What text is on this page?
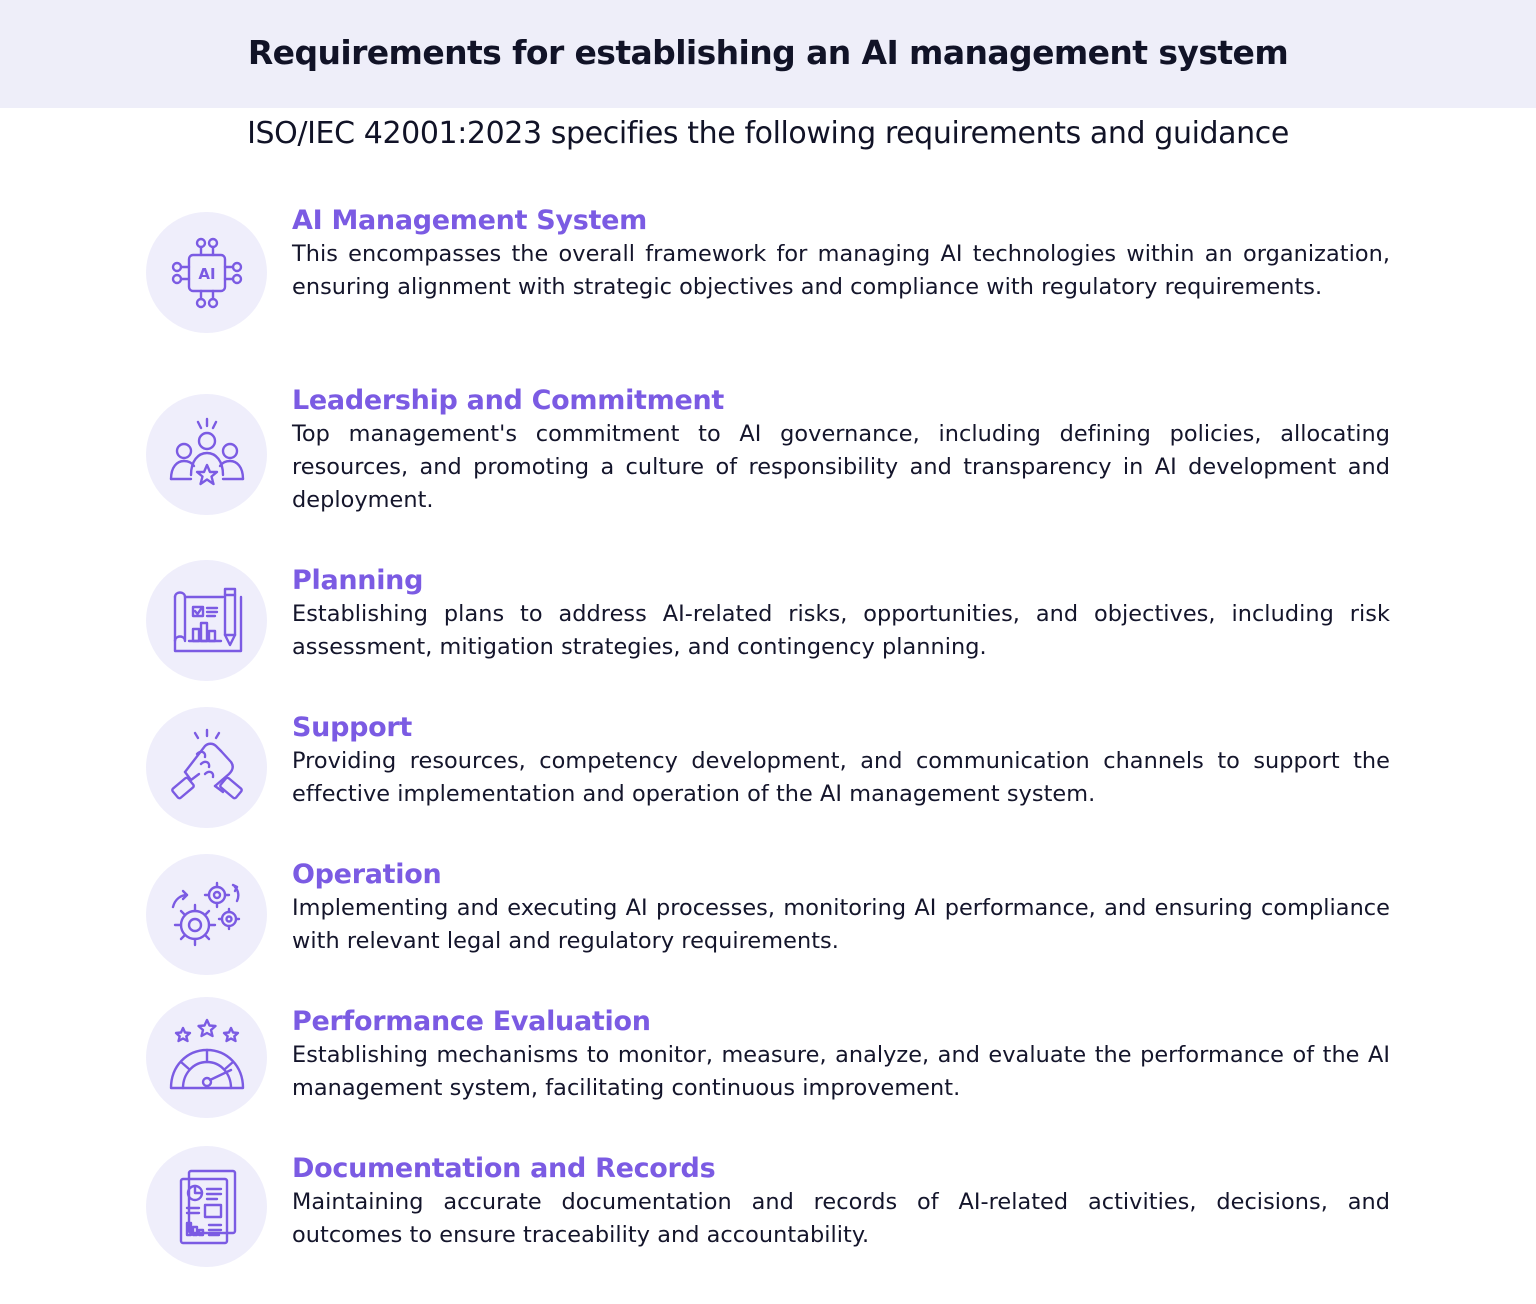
Requirements for establishing an AI management system
ISO/IEC 42001:2023 specifies the following requirements and guidance
AI
AI Management System
This encompasses the overall framework for managing AI technologies within an organization, ensuring alignment with strategic objectives and compliance with regulatory requirements.
Leadership and Commitment
Top management's commitment to AI governance, including defining policies, allocating resources, and promoting a culture of responsibility and transparency in AI development and deployment.
Planning
Establishing plans to address AI-related risks, opportunities, and objectives, including risk assessment, mitigation strategies, and contingency planning.
Support
Providing resources, competency development, and communication channels to support the effective implementation and operation of the AI management system.
Operation
Implementing and executing AI processes, monitoring AI performance, and ensuring compliance with relevant legal and regulatory requirements.
Performance Evaluation
Establishing mechanisms to monitor, measure, analyze, and evaluate the performance of the AI management system, facilitating continuous improvement.
Documentation and Records
Maintaining accurate documentation and records of AI-related activities, decisions, and outcomes to ensure traceability and accountability.
